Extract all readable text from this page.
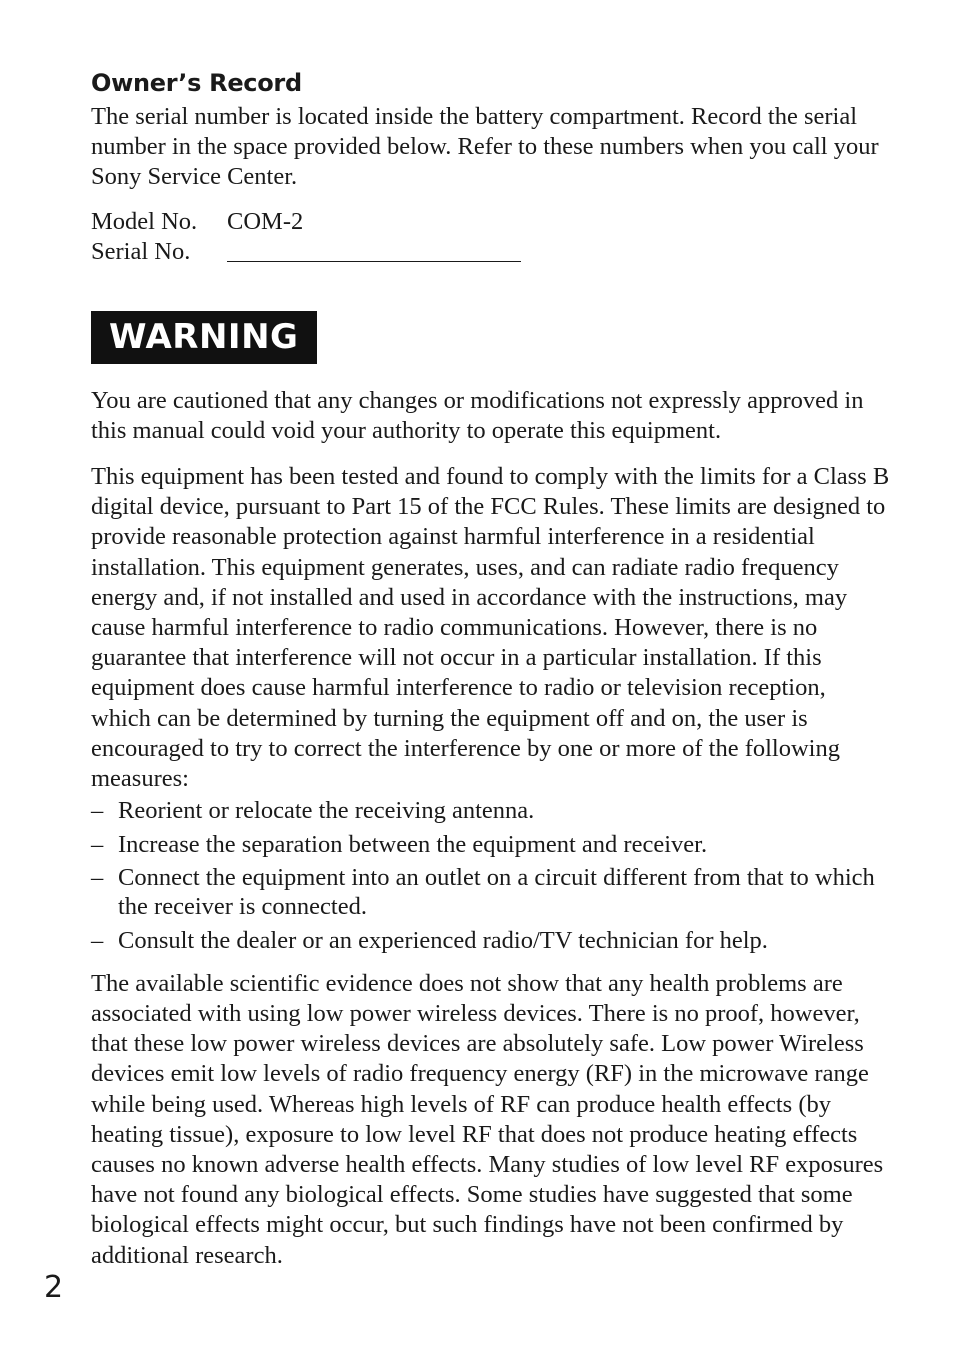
Owner’s Record

The serial number is located inside the battery compartment. Record the serial number in the space provided below. Refer to these numbers when you call your Sony Service Center.

Model No.	COM-2
Serial No.
WARNING

You are cautioned that any changes or modifications not expressly approved in this manual could void your authority to operate this equipment.

This equipment has been tested and found to comply with the limits for a Class B digital device, pursuant to Part 15 of the FCC Rules. These limits are designed to provide reasonable protection against harmful interference in a residential installation. This equipment generates, uses, and can radiate radio frequency energy and, if not installed and used in accordance with the instructions, may cause harmful interference to radio communications. However, there is no guarantee that interference will not occur in a particular installation. If this equipment does cause harmful interference to radio or television reception, which can be determined by turning the equipment off and on, the user is encouraged to try to correct the interference by one or more of the following measures:

– Reorient or relocate the receiving antenna.
– Increase the separation between the equipment and receiver.
– Connect the equipment into an outlet on a circuit different from that to which the receiver is connected.
– Consult the dealer or an experienced radio/TV technician for help.

The available scientific evidence does not show that any health problems are associated with using low power wireless devices. There is no proof, however, that these low power wireless devices are absolutely safe. Low power Wireless devices emit low levels of radio frequency energy (RF) in the microwave range while being used. Whereas high levels of RF can produce health effects (by heating tissue), exposure to low level RF that does not produce heating effects causes no known adverse health effects. Many studies of low level RF exposures have not found any biological effects. Some studies have suggested that some biological effects might occur, but such findings have not been confirmed by additional research.

2
